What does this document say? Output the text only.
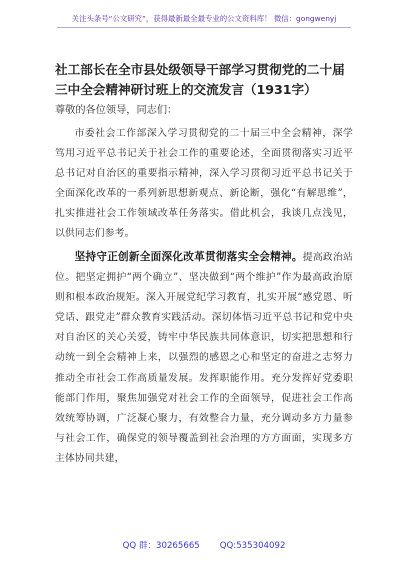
关注头条号“公文研究”，获得最新最全最专业的公文资料库！ 微信：gongwenyj
社工部长在全市县处级领导干部学习贯彻党的二十届三中全会精神研讨班上的交流发言（1931字）
尊敬的各位领导，同志们：

市委社会工作部深入学习贯彻党的二十届三中全会精神，深学笃用习近平总书记关于社会工作的重要论述，全面贯彻落实习近平总书记对自治区的重要指示精神，深入学习贯彻习近平总书记关于全面深化改革的一系列新思想新观点、新论断，强化“有解思维”，扎实推进社会工作领域改革任务落实。借此机会，我谈几点浅见，以供同志们参考。

坚持守正创新全面深化改革贯彻落实全会精神。提高政治站位。把坚定拥护“两个确立”、坚决做到“两个维护”作为最高政治原则和根本政治规矩。深入开展党纪学习教育，扎实开展“感党恩、听党话、跟党走”群众教育实践活动。深切体悟习近平总书记和党中央对自治区的关心关爱，铸牢中华民族共同体意识，切实把思想和行动统一到全会精神上来，以强烈的感恩之心和坚定的奋进之志努力推动全市社会工作高质量发展。发挥职能作用。充分发挥好党委职能部门作用，聚焦加强党对社会工作的全面领导，促进社会工作高效统筹协调，广泛凝心聚力，有效整合力量，充分调动多方力量参与社会工作，确保党的领导覆盖到社会治理的方方面面，实现多方主体协同共建，

QQ 群：30265665 QQ:535304092
